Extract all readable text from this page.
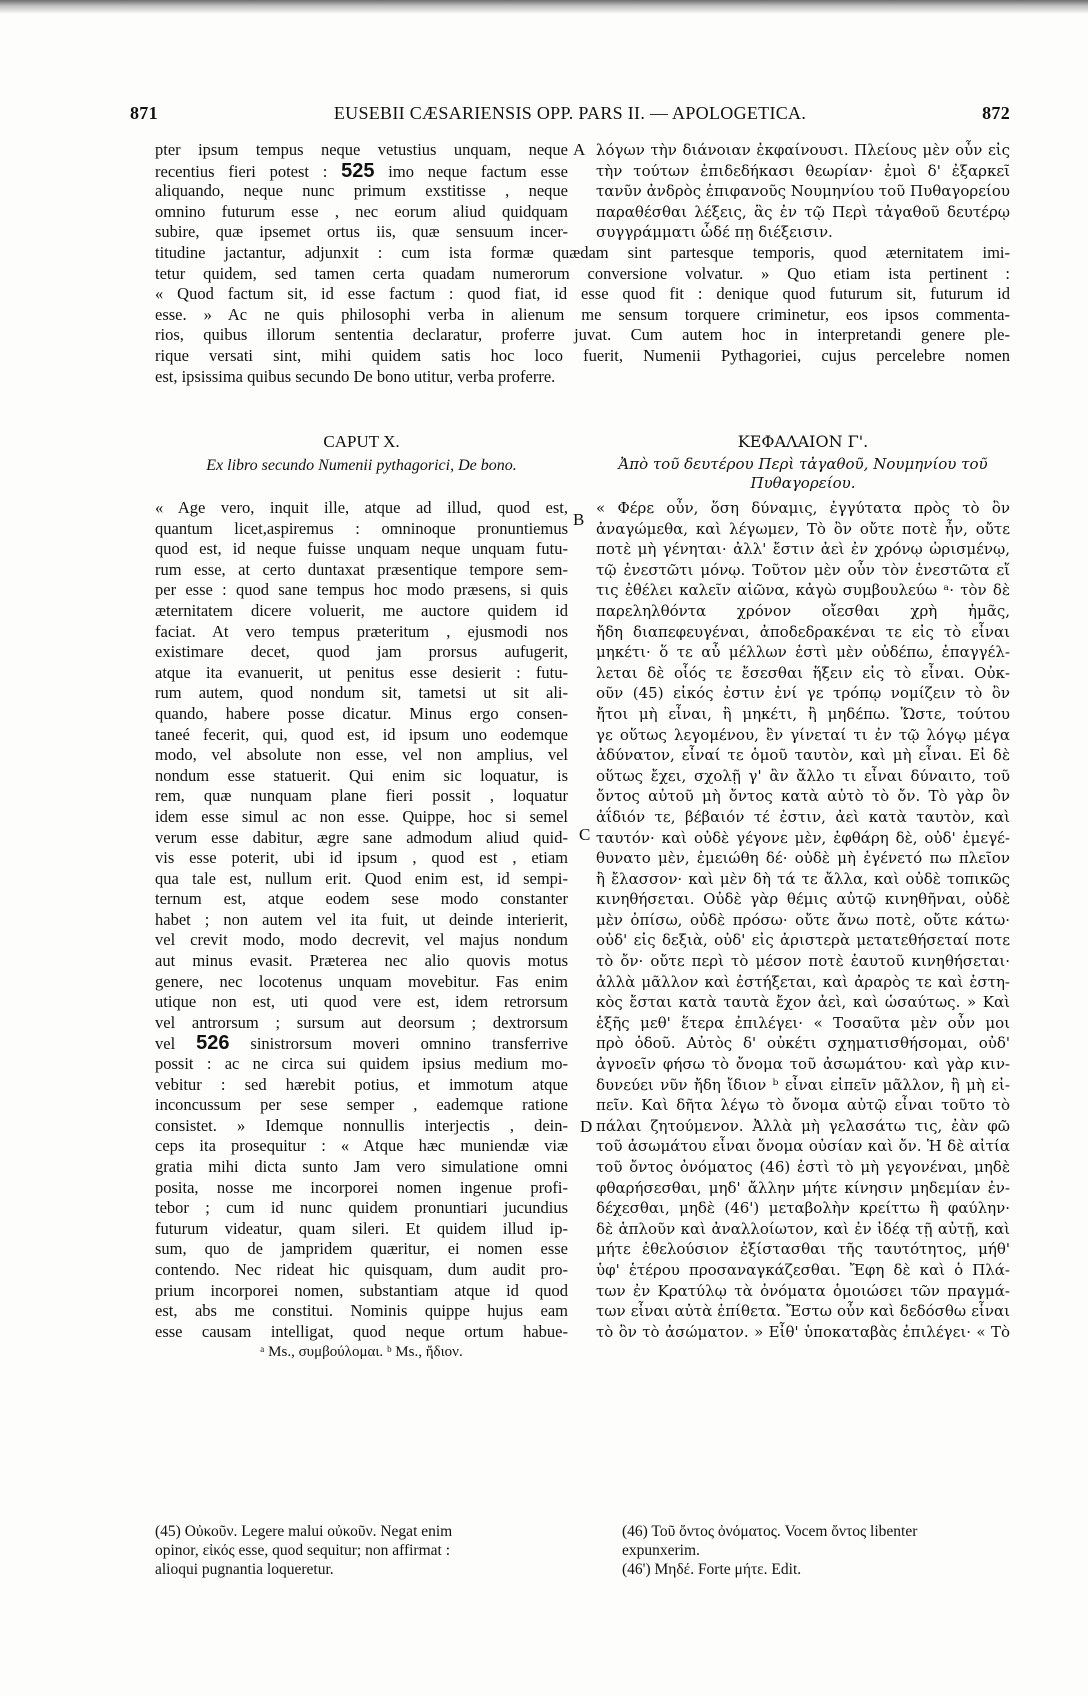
871	EUSEBII CÆSARIENSIS OPP. PARS II. — APOLOGETICA.	872
pter ipsum tempus neque vetustius unquam, neque
recentius fieri potest : 525 imo neque factum esse
aliquando, neque nunc primum exstitisse , neque
omnino futurum esse , nec eorum aliud quidquam
subire, quæ ipsemet ortus iis, quæ sensuum incer-
A λόγων τὴν διάνοιαν ἐκφαίνουσι. Πλείους μὲν οὖν εἰς
τὴν τούτων ἐπιδεδήκασι θεωρίαν· ἐμοὶ δ' ἐξαρκεῖ
τανῦν ἀνδρὸς ἐπιφανοῦς Νουμηνίου τοῦ Πυθαγορείου
παραθέσθαι λέξεις, ἃς ἐν τῷ Περὶ τἀγαθοῦ δευτέρῳ
συγγράμματι ὧδέ πῃ διέξεισιν.
titudine jactantur, adjunxit : cum ista formæ quædam sint partesque temporis, quod æternitatem imi-
tetur quidem, sed tamen certa quadam numerorum conversione volvatur. » Quo etiam ista pertinent :
« Quod factum sit, id esse factum : quod fiat, id esse quod fit : denique quod futurum sit, futurum id
esse. » Ac ne quis philosophi verba in alienum me sensum torquere criminetur, eos ipsos commenta-
rios, quibus illorum sententia declaratur, proferre juvat. Cum autem hoc in interpretandi genere ple-
rique versati sint, mihi quidem satis hoc loco fuerit, Numenii Pythagoriei, cujus percelebre nomen
est, ipsissima quibus secundo De bono utitur, verba proferre.
CAPUT X.
Ex libro secundo Numenii pythagorici, De bono.
ΚΕΦΑΛΑΙΟΝ Γ'.
Ἀπὸ τοῦ δευτέρου Περὶ τἀγαθοῦ, Νουμηνίου τοῦ
Πυθαγορείου.
« Age vero, inquit ille, atque ad illud, quod est,
quantum licet,aspiremus : omninoque pronuntiemus
quod est, id neque fuisse unquam neque unquam futu-
rum esse, at certo duntaxat præsentique tempore sem-
per esse : quod sane tempus hoc modo præsens, si quis
æternitatem dicere voluerit, me auctore quidem id
faciat. At vero tempus præteritum , ejusmodi nos
existimare decet, quod jam prorsus aufugerit,
atque ita evanuerit, ut penitus esse desierit : futu-
rum autem, quod nondum sit, tametsi ut sit ali-
quando, habere posse dicatur. Minus ergo consen-
taneé fecerit, qui, quod est, id ipsum uno eodemque
modo, vel absolute non esse, vel non amplius, vel
nondum esse statuerit. Qui enim sic loquatur, is
rem, quæ nunquam plane fieri possit , loquatur
idem esse simul ac non esse. Quippe, hoc si semel
verum esse dabitur, ægre sane admodum aliud quid-
vis esse poterit, ubi id ipsum , quod est , etiam
qua tale est, nullum erit. Quod enim est, id sempi-
ternum est, atque eodem sese modo constanter
habet ; non autem vel ita fuit, ut deinde interierit,
vel crevit modo, modo decrevit, vel majus nondum
aut minus evasit. Præterea nec alio quovis motus
genere, nec locotenus unquam movebitur. Fas enim
utique non est, uti quod vere est, idem retrorsum
vel antrorsum ; sursum aut deorsum ; dextrorsum
vel 526 sinistrorsum moveri omnino transferrive
possit : ac ne circa sui quidem ipsius medium mo-
vebitur : sed hærebit potius, et immotum atque
inconcussum per sese semper , eademque ratione
consistet. » Idemque nonnullis interjectis , dein-
ceps ita prosequitur : « Atque hæc muniendæ viæ
gratia mihi dicta sunto Jam vero simulatione omni
posita, nosse me incorporei nomen ingenue profi-
tebor ; cum id nunc quidem pronuntiari jucundius
futurum videatur, quam sileri. Et quidem illud ip-
sum, quo de jampridem quæritur, ei nomen esse
contendo. Nec rideat hic quisquam, dum audit pro-
prium incorporei nomen, substantiam atque id quod
est, abs me constitui. Nominis quippe hujus eam
esse causam intelligat, quod neque ortum habue-
ᵃ Ms., συμβούλομαι. ᵇ Ms., ἤδιον.
B
C
D
« Φέρε οὖν, ὅση δύναμις, ἐγγύτατα πρὸς τὸ ὂν
ἀναγώμεθα, καὶ λέγωμεν, Τὸ ὂν οὔτε ποτὲ ἦν, οὔτε
ποτὲ μὴ γένηται· ἀλλ' ἔστιν ἀεὶ ἐν χρόνῳ ὡρισμένῳ,
τῷ ἐνεστῶτι μόνῳ. Τοῦτον μὲν οὖν τὸν ἐνεστῶτα εἴ
τις ἐθέλει καλεῖν αἰῶνα, κἀγὼ συμβουλεύω ᵃ· τὸν δὲ
παρεληλθόντα χρόνον οἴεσθαι χρὴ ἡμᾶς,
ἤδη διαπεφευγέναι, ἀποδεδρακέναι τε εἰς τὸ εἶναι
μηκέτι· ὅ τε αὖ μέλλων ἐστὶ μὲν οὐδέπω, ἐπαγγέλ-
λεται δὲ οἷός τε ἔσεσθαι ἥξειν εἰς τὸ εἶναι. Οὐκ-
οῦν (45) εἰκός ἐστιν ἑνί γε τρόπῳ νομίζειν τὸ ὂν
ἤτοι μὴ εἶναι, ἢ μηκέτι, ἢ μηδέπω. Ὥστε, τούτου
γε οὕτως λεγομένου, ἓν γίνεταί τι ἐν τῷ λόγῳ μέγα
ἀδύνατον, εἶναί τε ὁμοῦ ταυτὸν, καὶ μὴ εἶναι. Εἰ δὲ
οὕτως ἔχει, σχολῇ γ' ἂν ἄλλο τι εἶναι δύναιτο, τοῦ
ὄντος αὐτοῦ μὴ ὄντος κατὰ αὐτὸ τὸ ὄν. Τὸ γὰρ ὂν
ἀΐδιόν τε, βέβαιόν τέ ἐστιν, ἀεὶ κατὰ ταυτὸν, καὶ
ταυτόν· καὶ οὐδὲ γέγονε μὲν, ἐφθάρη δὲ, οὐδ' ἐμεγέ-
θυνατο μὲν, ἐμειώθη δέ· οὐδὲ μὴ ἐγένετό πω πλεῖον
ἢ ἔλασσον· καὶ μὲν δὴ τά τε ἄλλα, καὶ οὐδὲ τοπικῶς
κινηθήσεται. Οὐδὲ γὰρ θέμις αὐτῷ κινηθῆναι, οὐδὲ
μὲν ὀπίσω, οὐδὲ πρόσω· οὔτε ἄνω ποτὲ, οὔτε κάτω·
οὐδ' εἰς δεξιὰ, οὐδ' εἰς ἀριστερὰ μετατεθήσεταί ποτε
τὸ ὄν· οὔτε περὶ τὸ μέσον ποτὲ ἑαυτοῦ κινηθήσεται·
ἀλλὰ μᾶλλον καὶ ἐστήξεται, καὶ ἀραρὸς τε καὶ ἑστη-
κὸς ἔσται κατὰ ταυτὰ ἔχον ἀεὶ, καὶ ὡσαύτως. » Καὶ
ἑξῆς μεθ' ἕτερα ἐπιλέγει· « Τοσαῦτα μὲν οὖν μοι
πρὸ ὁδοῦ. Αὐτὸς δ' οὐκέτι σχηματισθήσομαι, οὐδ'
ἀγνοεῖν φήσω τὸ ὄνομα τοῦ ἀσωμάτου· καὶ γὰρ κιν-
δυνεύει νῦν ἤδη ἴδιον ᵇ εἶναι εἰπεῖν μᾶλλον, ἢ μὴ εἰ-
πεῖν. Καὶ δῆτα λέγω τὸ ὄνομα αὐτῷ εἶναι τοῦτο τὸ
πάλαι ζητούμενον. Ἀλλὰ μὴ γελασάτω τις, ἐὰν φῶ
τοῦ ἀσωμάτου εἶναι ὄνομα οὐσίαν καὶ ὄν. Ἡ δὲ αἰτία
τοῦ ὄντος ὀνόματος (46) ἐστὶ τὸ μὴ γεγονέναι, μηδὲ
φθαρήσεσθαι, μηδ' ἄλλην μήτε κίνησιν μηδεμίαν ἐν-
δέχεσθαι, μηδὲ (46') μεταβολὴν κρείττω ἢ φαύλην·
δὲ ἁπλοῦν καὶ ἀναλλοίωτον, καὶ ἐν ἰδέᾳ τῇ αὐτῇ, καὶ
μήτε ἐθελούσιον ἐξίστασθαι τῆς ταυτότητος, μήθ'
ὑφ' ἑτέρου προσαναγκάζεσθαι. Ἔφη δὲ καὶ ὁ Πλά-
των ἐν Κρατύλῳ τὰ ὀνόματα ὁμοιώσει τῶν πραγμά-
των εἶναι αὐτὰ ἐπίθετα. Ἔστω οὖν καὶ δεδόσθω εἶναι
τὸ ὂν τὸ ἀσώματον. » Εἶθ' ὑποκαταβὰς ἐπιλέγει· « Τὸ
(45) Οὐκοῦν. Legere malui οὐκοῦν. Negat enim
opinor, εἰκός esse, quod sequitur; non affirmat :
alioqui pugnantia loqueretur.
(46) Τοῦ ὄντος ὀνόματος. Vocem ὄντος libenter
expunxerim.
(46') Μηδέ. Forte μήτε. Edit.
